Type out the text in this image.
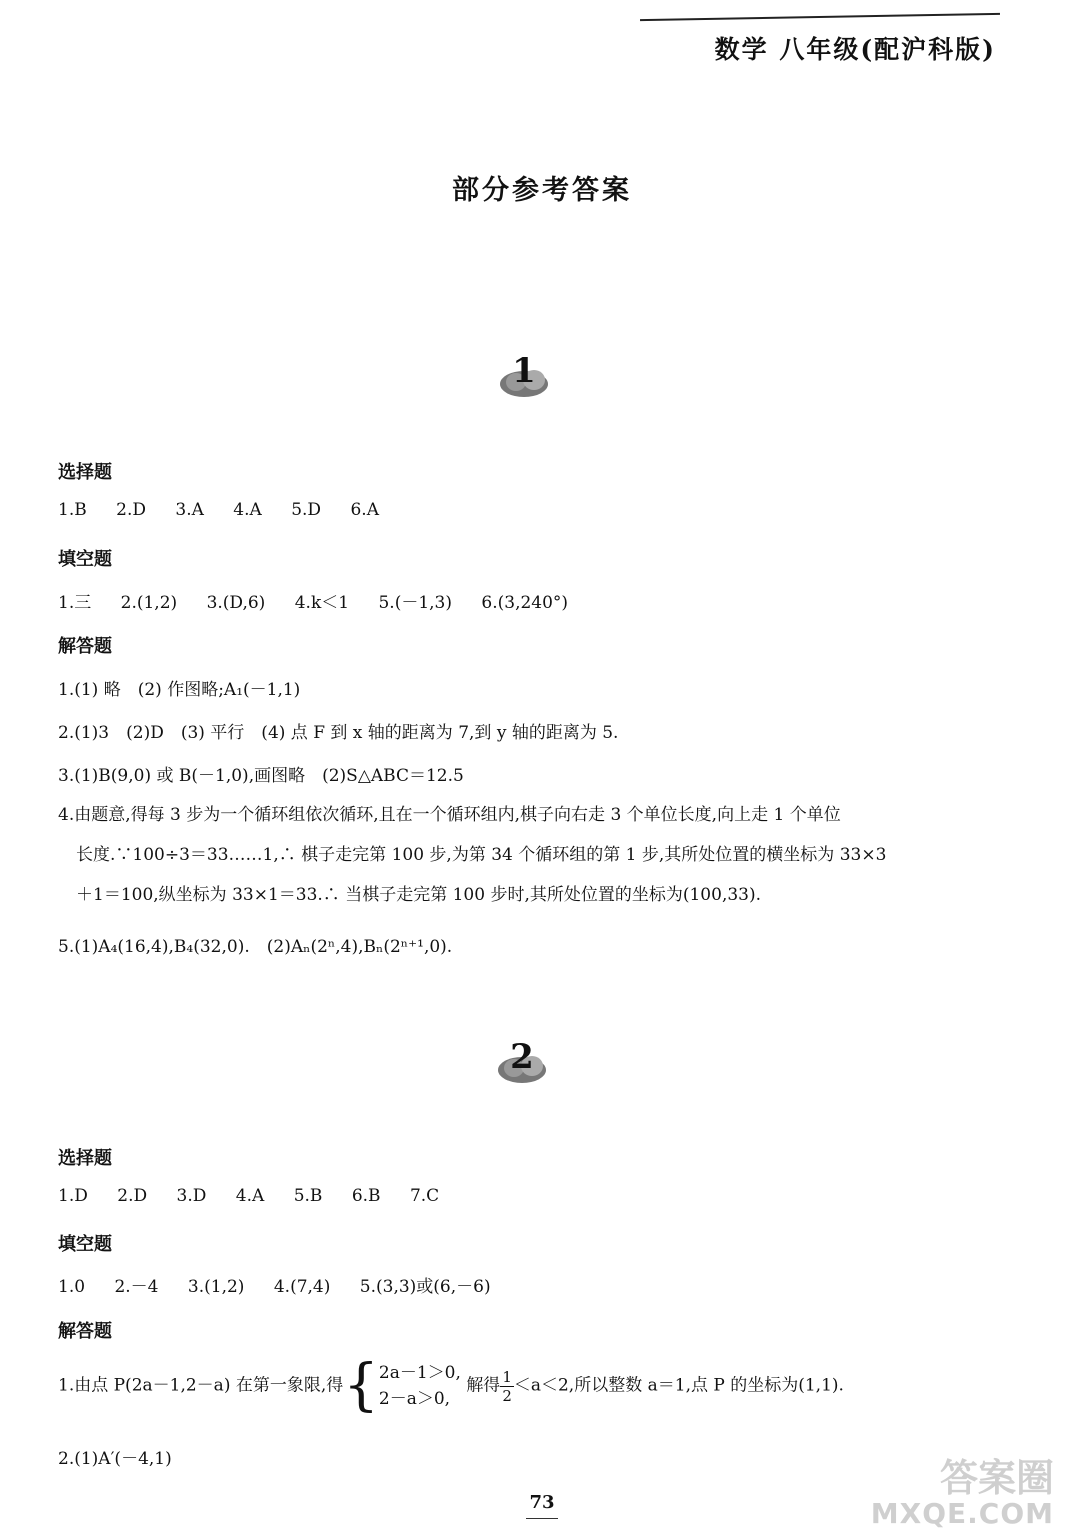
数学 八年级(配沪科版)
部分参考答案
1
选择题
1.B 2.D 3.A 4.A 5.D 6.A
填空题
1.三 2.(1,2) 3.(D,6) 4.k＜1 5.(－1,3) 6.(3,240°)
解答题
1.(1) 略　(2) 作图略;A₁(－1,1)
2.(1)3　(2)D　(3) 平行　(4) 点 F 到 x 轴的距离为 7,到 y 轴的距离为 5.
3.(1)B(9,0) 或 B(－1,0),画图略　(2)S△ABC＝12.5
4.由题意,得每 3 步为一个循环组依次循环,且在一个循环组内,棋子向右走 3 个单位长度,向上走 1 个单位
长度.∵100÷3＝33……1,∴ 棋子走完第 100 步,为第 34 个循环组的第 1 步,其所处位置的横坐标为 33×3
＋1＝100,纵坐标为 33×1＝33.∴ 当棋子走完第 100 步时,其所处位置的坐标为(100,33).
5.(1)A₄(16,4),B₄(32,0).　(2)Aₙ(2ⁿ,4),Bₙ(2ⁿ⁺¹,0).
2
选择题
1.D 2.D 3.D 4.A 5.B 6.B 7.C
填空题
1.0 2.－4 3.(1,2) 4.(7,4) 5.(3,3)或(6,－6)
解答题
1.由点 P(2a－1,2－a) 在第一象限,得{ 2a－1＞0,
2－a＞0,
解得 $\frac{1}{2} <a<2$,所以整数 a＝1,点 P 的坐标为(1,1).
2.(1)A′(－4,1)
73
答案圈
MXQE.COM
